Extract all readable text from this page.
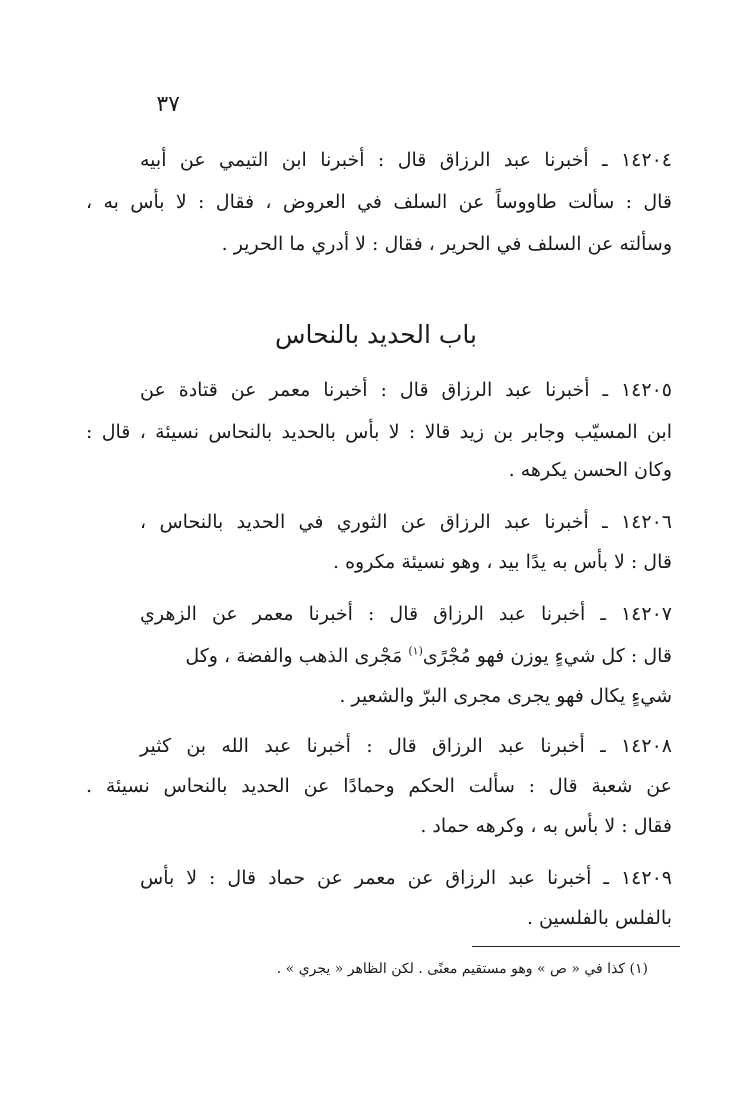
٣٧
١٤٢٠٤ ـ أخبرنا عبد الرزاق قال : أخبرنا ابن التيمي عن أبيه
قال : سألت طاووساً عن السلف في العروض ، فقال : لا بأس به ،
وسألته عن السلف في الحرير ، فقال : لا أدري ما الحرير .
باب الحديد بالنحاس
١٤٢٠٥ ـ أخبرنا عبد الرزاق قال : أخبرنا معمر عن قتادة عن
ابن المسيّب وجابر بن زيد قالا : لا بأس بالحديد بالنحاس نسيئة ، قال :
وكان الحسن يكرهه .
١٤٢٠٦ ـ أخبرنا عبد الرزاق عن الثوري في الحديد بالنحاس ،
قال : لا بأس به يدًا بيد ، وهو نسيئة مكروه .
١٤٢٠٧ ـ أخبرنا عبد الرزاق قال : أخبرنا معمر عن الزهري
قال : كل شيءٍ يوزن فهو مُجْرًى$^{(١)}$ مَجْرى الذهب والفضة ، وكل
شيءٍ يكال فهو يجرى مجرى البرّ والشعير .
١٤٢٠٨ ـ أخبرنا عبد الرزاق قال : أخبرنا عبد الله بن كثير
عن شعبة قال : سألت الحكم وحمادًا عن الحديد بالنحاس نسيئة .
فقال : لا بأس به ، وكرهه حماد .
١٤٢٠٩ ـ أخبرنا عبد الرزاق عن معمر عن حماد قال : لا بأس
بالفلس بالفلسين .
(١) كذا في « ص » وهو مستقيم معنًى . لكن الظاهر « يجري » .
